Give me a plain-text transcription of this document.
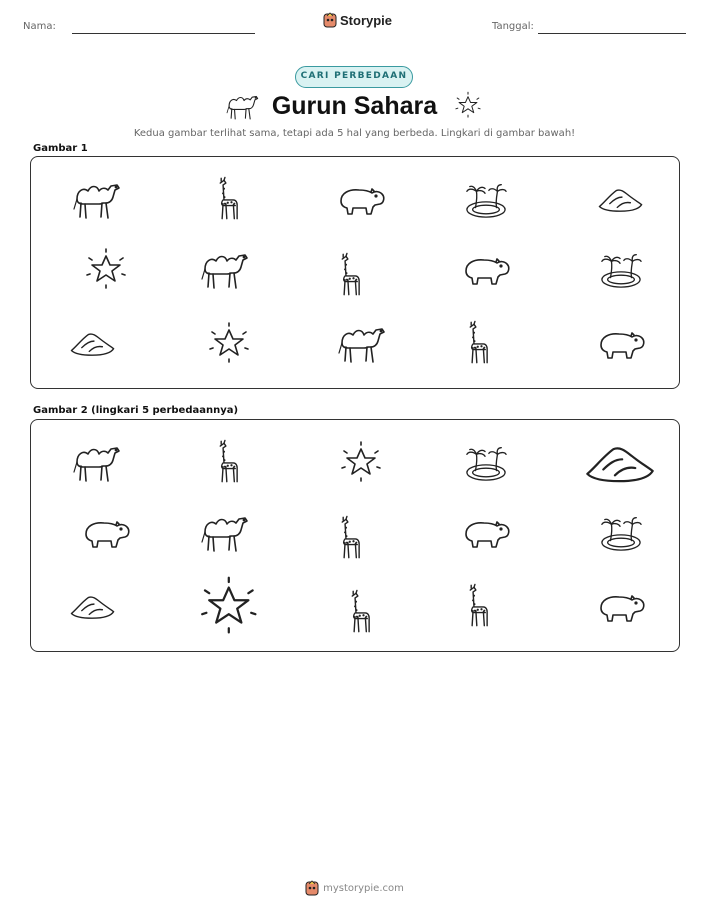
Nama:	Tanggal:
Storypie
CARI PERBEDAAN
Gurun Sahara
Kedua gambar terlihat sama, tetapi ada 5 hal yang berbeda. Lingkari di gambar bawah!
Gambar 1
Gambar 2 (lingkari 5 perbedaannya)
mystorypie.com
